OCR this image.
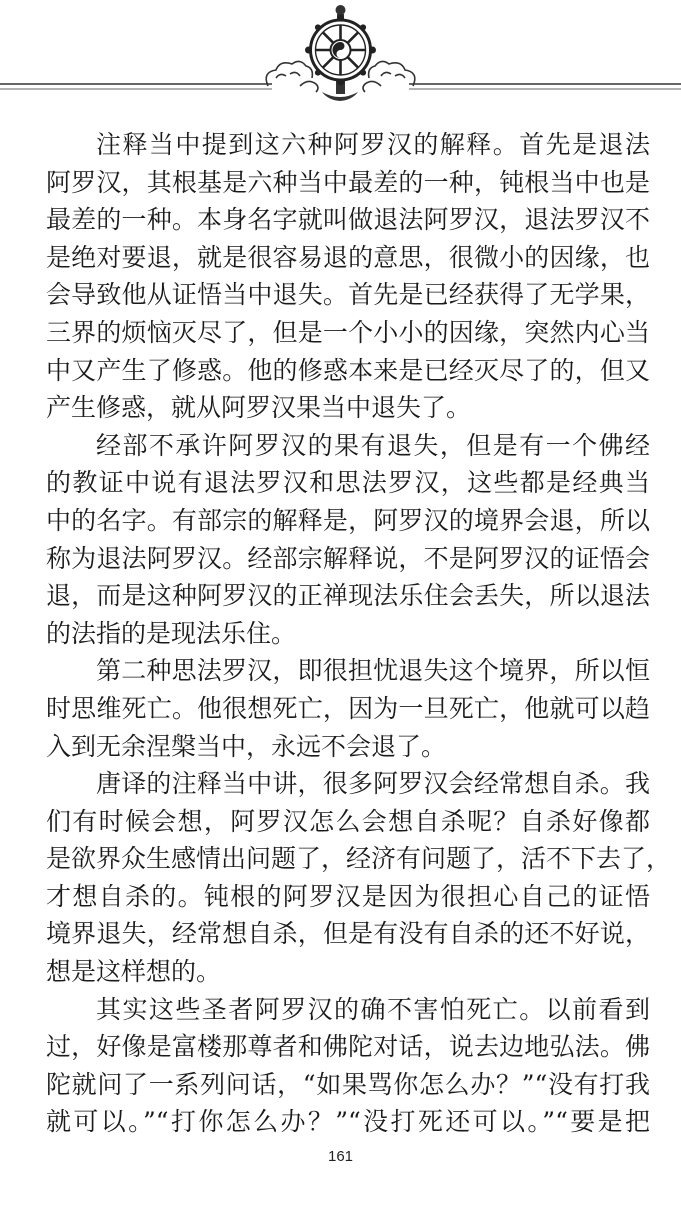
注释当中提到这六种阿罗汉的解释。首先是退法
阿罗汉，其根基是六种当中最差的一种，钝根当中也是
最差的一种。本身名字就叫做退法阿罗汉，退法罗汉不
是绝对要退，就是很容易退的意思，很微小的因缘，也
会导致他从证悟当中退失。首先是已经获得了无学果，
三界的烦恼灭尽了，但是一个小小的因缘，突然内心当
中又产生了修惑。他的修惑本来是已经灭尽了的，但又
产生修惑，就从阿罗汉果当中退失了。
经部不承许阿罗汉的果有退失，但是有一个佛经
的教证中说有退法罗汉和思法罗汉，这些都是经典当
中的名字。有部宗的解释是，阿罗汉的境界会退，所以
称为退法阿罗汉。经部宗解释说，不是阿罗汉的证悟会
退，而是这种阿罗汉的正禅现法乐住会丢失，所以退法
的法指的是现法乐住。
第二种思法罗汉，即很担忧退失这个境界，所以恒
时思维死亡。他很想死亡，因为一旦死亡，他就可以趋
入到无余涅槃当中，永远不会退了。
唐译的注释当中讲，很多阿罗汉会经常想自杀。我
们有时候会想，阿罗汉怎么会想自杀呢？自杀好像都
是欲界众生感情出问题了，经济有问题了，活不下去了，
才想自杀的。钝根的阿罗汉是因为很担心自己的证悟
境界退失，经常想自杀，但是有没有自杀的还不好说，
想是这样想的。
其实这些圣者阿罗汉的确不害怕死亡。以前看到
过，好像是富楼那尊者和佛陀对话，说去边地弘法。佛
陀就问了一系列问话，“如果骂你怎么办？”“没有打我
就可以。”“打你怎么办？”“没打死还可以。”“要是把
161
